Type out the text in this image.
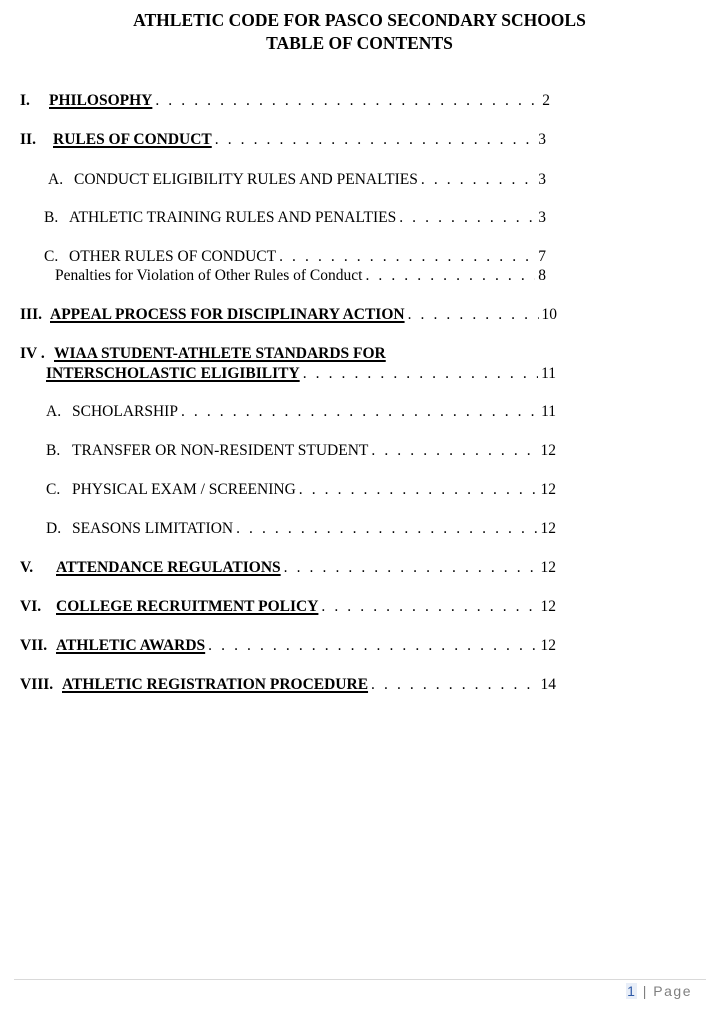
ATHLETIC CODE FOR PASCO SECONDARY SCHOOLS
TABLE OF CONTENTS
I.	PHILOSOPHY . . .	2
II.	RULES OF CONDUCT . . .	3
A. CONDUCT ELIGIBILITY RULES AND PENALTIES . . .	3
B. ATHLETIC TRAINING RULES AND PENALTIES . . .	3
C. OTHER RULES OF CONDUCT . . .	7
Penalties for Violation of Other Rules of Conduct . . .	8
III. APPEAL PROCESS FOR DISCIPLINARY ACTION . . .	10
IV . WIAA STUDENT-ATHLETE STANDARDS FOR
INTERSCHOLASTIC ELIGIBILITY . . .	11
A. SCHOLARSHIP . . .	11
B. TRANSFER OR NON-RESIDENT STUDENT . . .	12
C. PHYSICAL EXAM / SCREENING . . .	12
D. SEASONS LIMITATION . . .	12
V.	ATTENDANCE REGULATIONS . . .	12
VI. COLLEGE RECRUITMENT POLICY . . .	12
VII. ATHLETIC AWARDS . . .	12
VIII. ATHLETIC REGISTRATION PROCEDURE . . .	14
1 | Page
